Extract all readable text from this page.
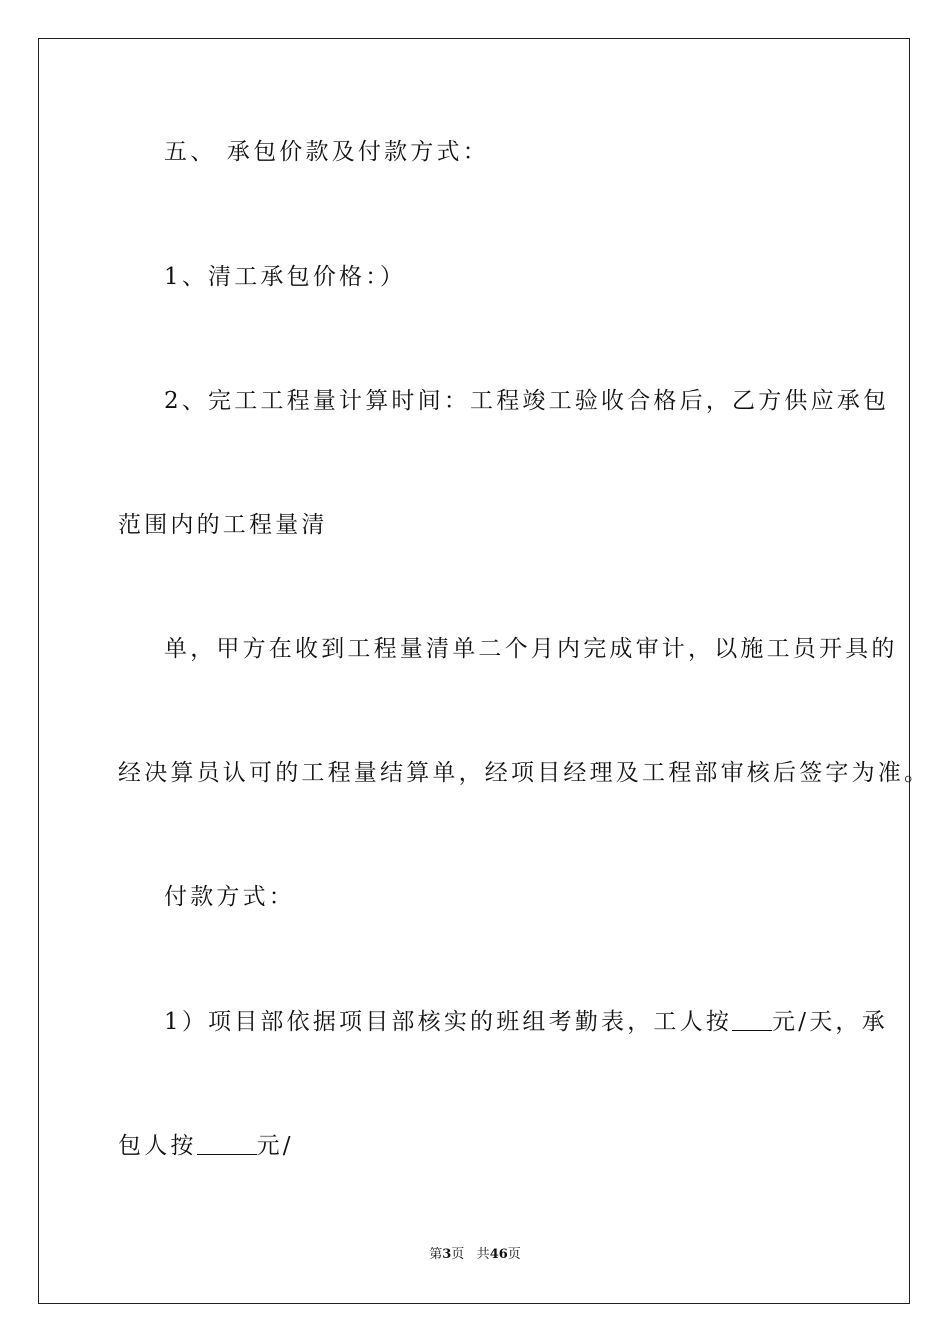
五、 承包价款及付款方式：
1、清工承包价格：）
2、完工工程量计算时间：工程竣工验收合格后，乙方供应承包
范围内的工程量清
单，甲方在收到工程量清单二个月内完成审计，以施工员开具的
经决算员认可的工程量结算单，经项目经理及工程部审核后签字为准。
付款方式：
1）项目部依据项目部核实的班组考勤表，工人按 元/天，承
包人按	元/
第3页 共46页
